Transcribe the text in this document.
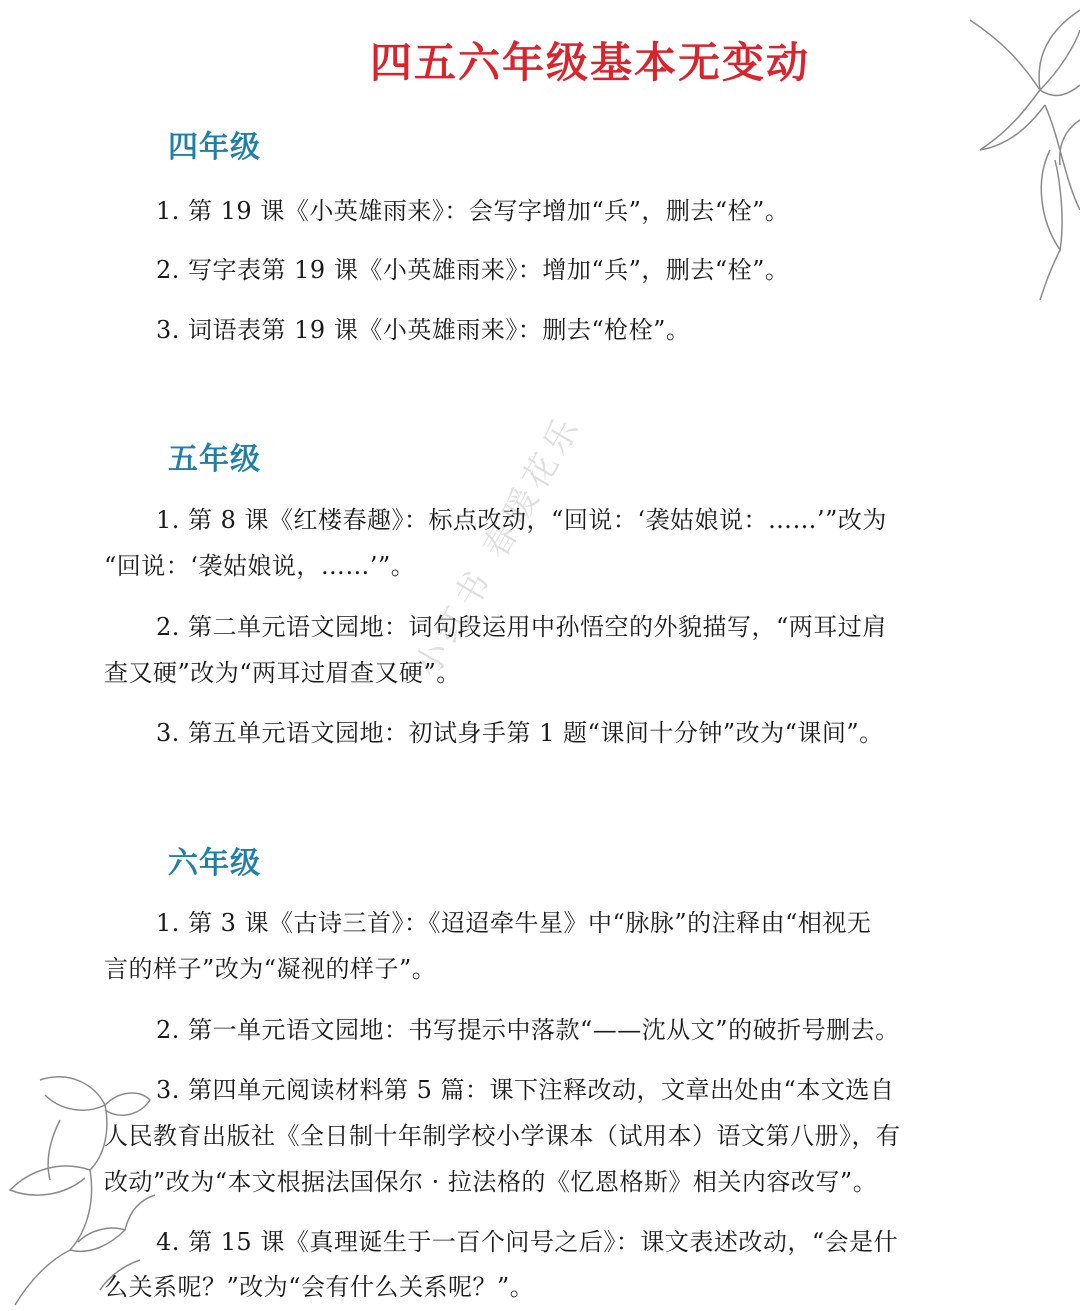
小红书 春暖花乐
四五六年级基本无变动
四年级
1. 第 19 课《小英雄雨来》：会写字增加“兵”，删去“栓”。
2. 写字表第 19 课《小英雄雨来》：增加“兵”，删去“栓”。
3. 词语表第 19 课《小英雄雨来》：删去“枪栓”。
五年级
1. 第 8 课《红楼春趣》：标点改动，“回说：‘袭姑娘说：……’”改为
“回说：‘袭姑娘说，……’”。
2. 第二单元语文园地：词句段运用中孙悟空的外貌描写，“两耳过肩
查又硬”改为“两耳过眉查又硬”。
3. 第五单元语文园地：初试身手第 1 题“课间十分钟”改为“课间”。
六年级
1. 第 3 课《古诗三首》：《迢迢牵牛星》中“脉脉”的注释由“相视无
言的样子”改为“凝视的样子”。
2. 第一单元语文园地：书写提示中落款“——沈从文”的破折号删去。
3. 第四单元阅读材料第 5 篇：课下注释改动，文章出处由“本文选自
人民教育出版社《全日制十年制学校小学课本（试用本）语文第八册》，有
改动”改为“本文根据法国保尔 · 拉法格的《忆恩格斯》相关内容改写”。
4. 第 15 课《真理诞生于一百个问号之后》：课文表述改动，“会是什
么关系呢？”改为“会有什么关系呢？”。
